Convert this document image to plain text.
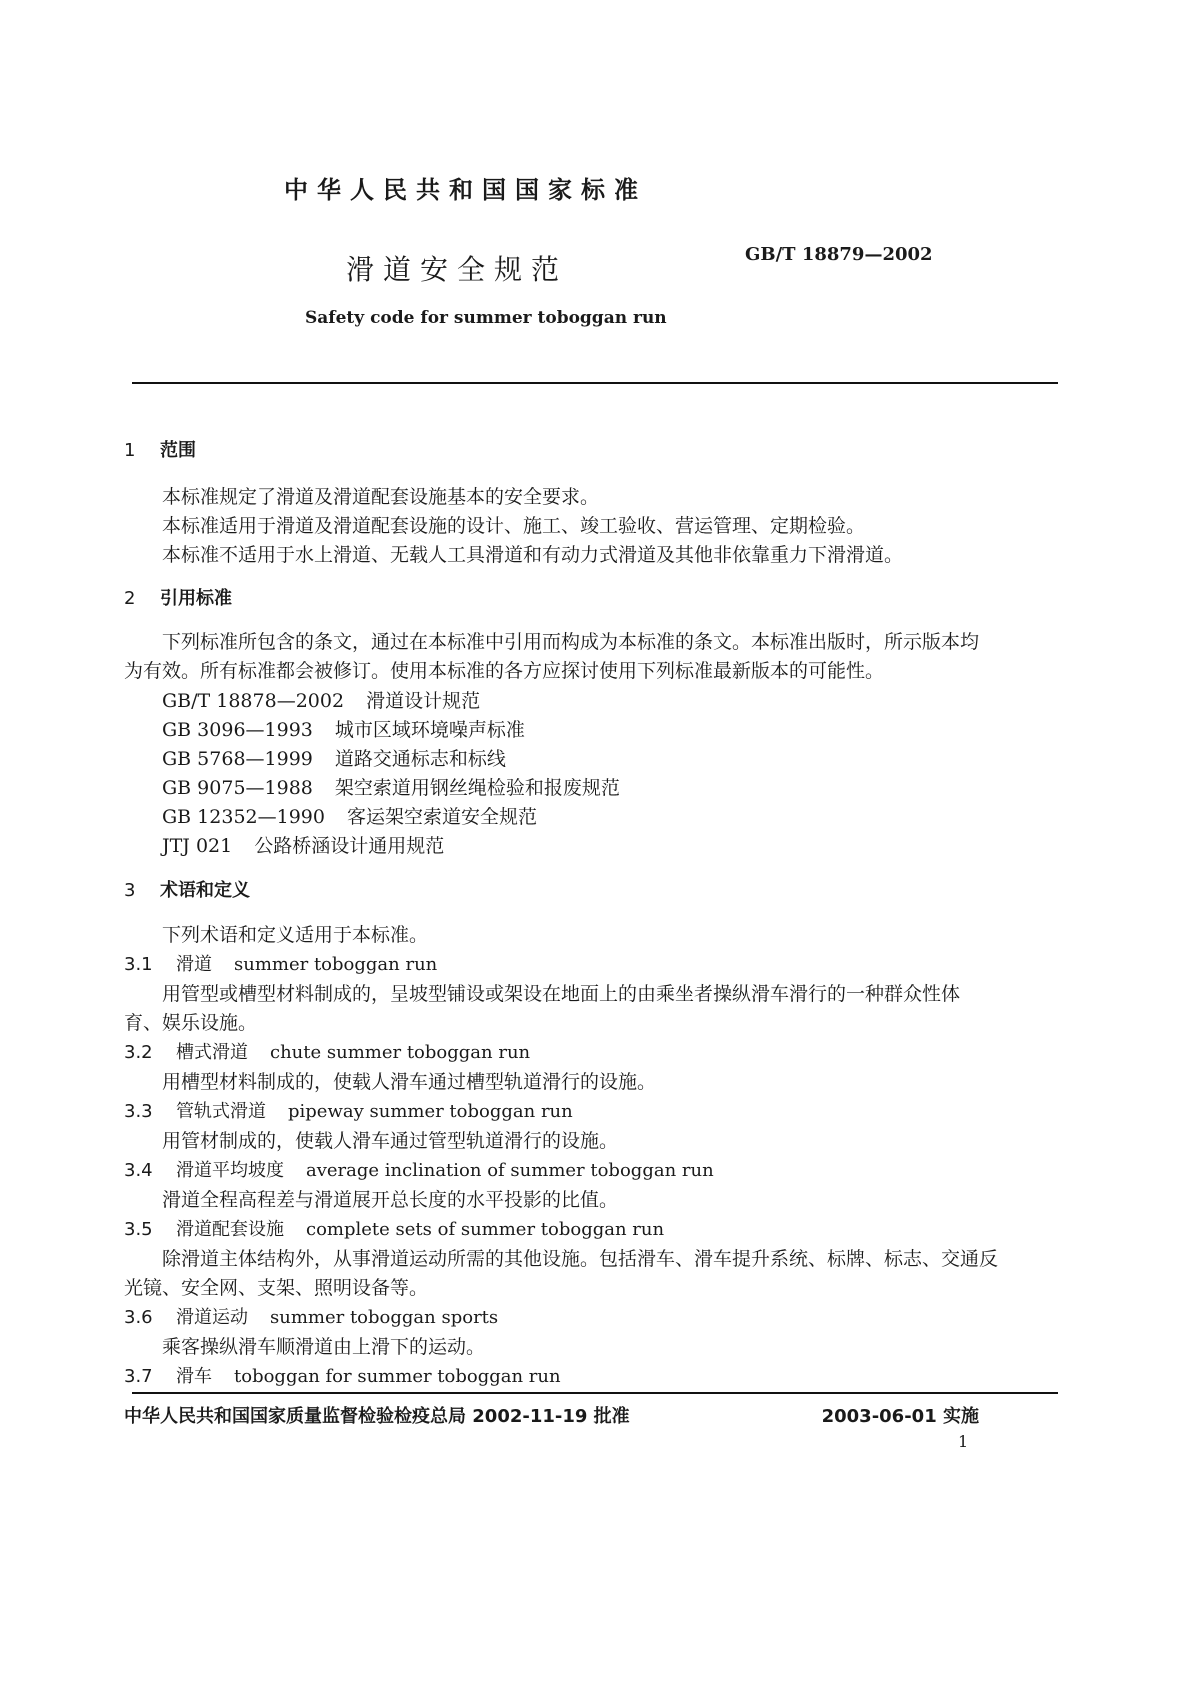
中华人民共和国国家标准
滑道安全规范	GB/T 18879—2002
Safety code for summer toboggan run
1 范围
本标准规定了滑道及滑道配套设施基本的安全要求。
本标准适用于滑道及滑道配套设施的设计、施工、竣工验收、营运管理、定期检验。
本标准不适用于水上滑道、无载人工具滑道和有动力式滑道及其他非依靠重力下滑滑道。
2 引用标准
下列标准所包含的条文，通过在本标准中引用而构成为本标准的条文。本标准出版时，所示版本均
为有效。所有标准都会被修订。使用本标准的各方应探讨使用下列标准最新版本的可能性。
GB/T 18878—2002 滑道设计规范
GB 3096—1993 城市区域环境噪声标准
GB 5768—1999 道路交通标志和标线
GB 9075—1988 架空索道用钢丝绳检验和报废规范
GB 12352—1990 客运架空索道安全规范
JTJ 021 公路桥涵设计通用规范
3 术语和定义
下列术语和定义适用于本标准。
3.1 滑道 summer toboggan run
用管型或槽型材料制成的，呈坡型铺设或架设在地面上的由乘坐者操纵滑车滑行的一种群众性体
育、娱乐设施。
3.2 槽式滑道 chute summer toboggan run
用槽型材料制成的，使载人滑车通过槽型轨道滑行的设施。
3.3 管轨式滑道 pipeway summer toboggan run
用管材制成的，使载人滑车通过管型轨道滑行的设施。
3.4 滑道平均坡度 average inclination of summer toboggan run
滑道全程高程差与滑道展开总长度的水平投影的比值。
3.5 滑道配套设施 complete sets of summer toboggan run
除滑道主体结构外，从事滑道运动所需的其他设施。包括滑车、滑车提升系统、标牌、标志、交通反
光镜、安全网、支架、照明设备等。
3.6 滑道运动 summer toboggan sports
乘客操纵滑车顺滑道由上滑下的运动。
3.7 滑车 toboggan for summer toboggan run
中华人民共和国国家质量监督检验检疫总局 2002-11-19 批准	2003-06-01 实施
1
